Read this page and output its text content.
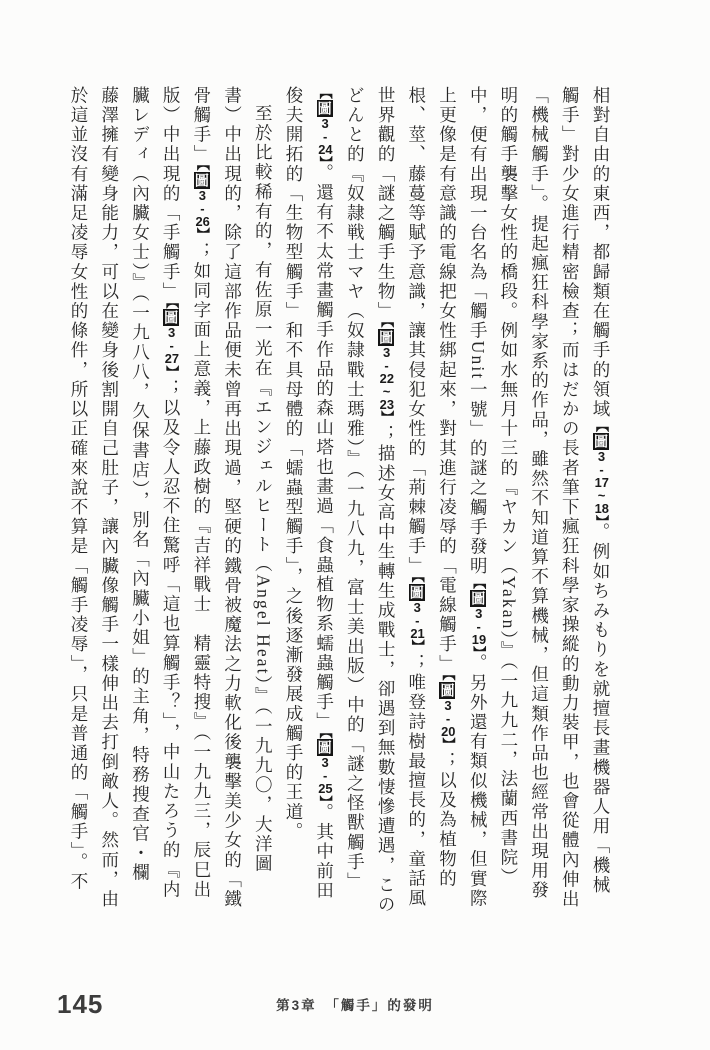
相對自由的東西，都歸類在觸手的領域【圖3-17~18】。例如ちみもりを就擅長畫機器人用「機械
觸手」對少女進行精密檢查；而はだかの長者筆下瘋狂科學家操縱的動力裝甲，也會從體內伸出
「機械觸手」。提起瘋狂科學家系的作品，雖然不知道算不算機械，但這類作品也經常出現用發
明的觸手襲擊女性的橋段。例如水無月十三的『ヤカン（Yakan）』（一九九二，法蘭西書院）
中，便有出現一台名為「觸手Unit一號」的謎之觸手發明【圖3-19】。另外還有類似機械，但實際
上更像是有意識的電線把女性綁起來，對其進行凌辱的「電線觸手」【圖3-20】；以及為植物的
根、莖、藤蔓等賦予意識，讓其侵犯女性的「荊棘觸手」【圖3-21】；唯登詩樹最擅長的，童話風
世界觀的「謎之觸手生物」【圖3-22~23】；描述女高中生轉生成戰士，卻遇到無數悽慘遭遇，この
どんと的『奴隷戦士マヤ（奴隷戰士瑪雅）』（一九八九，富士美出版）中的「謎之怪獸觸手」
【圖3-24】。還有不太常畫觸手作品的森山塔也畫過「食蟲植物系蠕蟲觸手」【圖3-25】。其中前田
俊夫開拓的「生物型觸手」和不具母體的「蠕蟲型觸手」，之後逐漸發展成觸手的王道。
至於比較稀有的，有佐原一光在『エンジェルヒート（Angel Heat）』（一九九〇，大洋圖
書）中出現的，除了這部作品便未曾再出現過，堅硬的鐵骨被魔法之力軟化後襲擊美少女的「鐵
骨觸手」【圖3-26】；如同字面上意義，上藤政樹的『吉祥戰士　精靈特搜』（一九九三，辰巳出
版）中出現的「手觸手」【圖3-27】；以及令人忍不住驚呼「這也算觸手？」，中山たろう的『内
臟レディ（內臟女士）』（一九八八，久保書店），別名「內臟小姐」的主角，特務搜查官・欄
藤澤擁有變身能力，可以在變身後割開自己肚子，讓內臟像觸手一樣伸出去打倒敵人。然而，由
於這並沒有滿足凌辱女性的條件，所以正確來說不算是「觸手凌辱」，只是普通的「觸手」。不
145	第3章　「觸手」的發明
